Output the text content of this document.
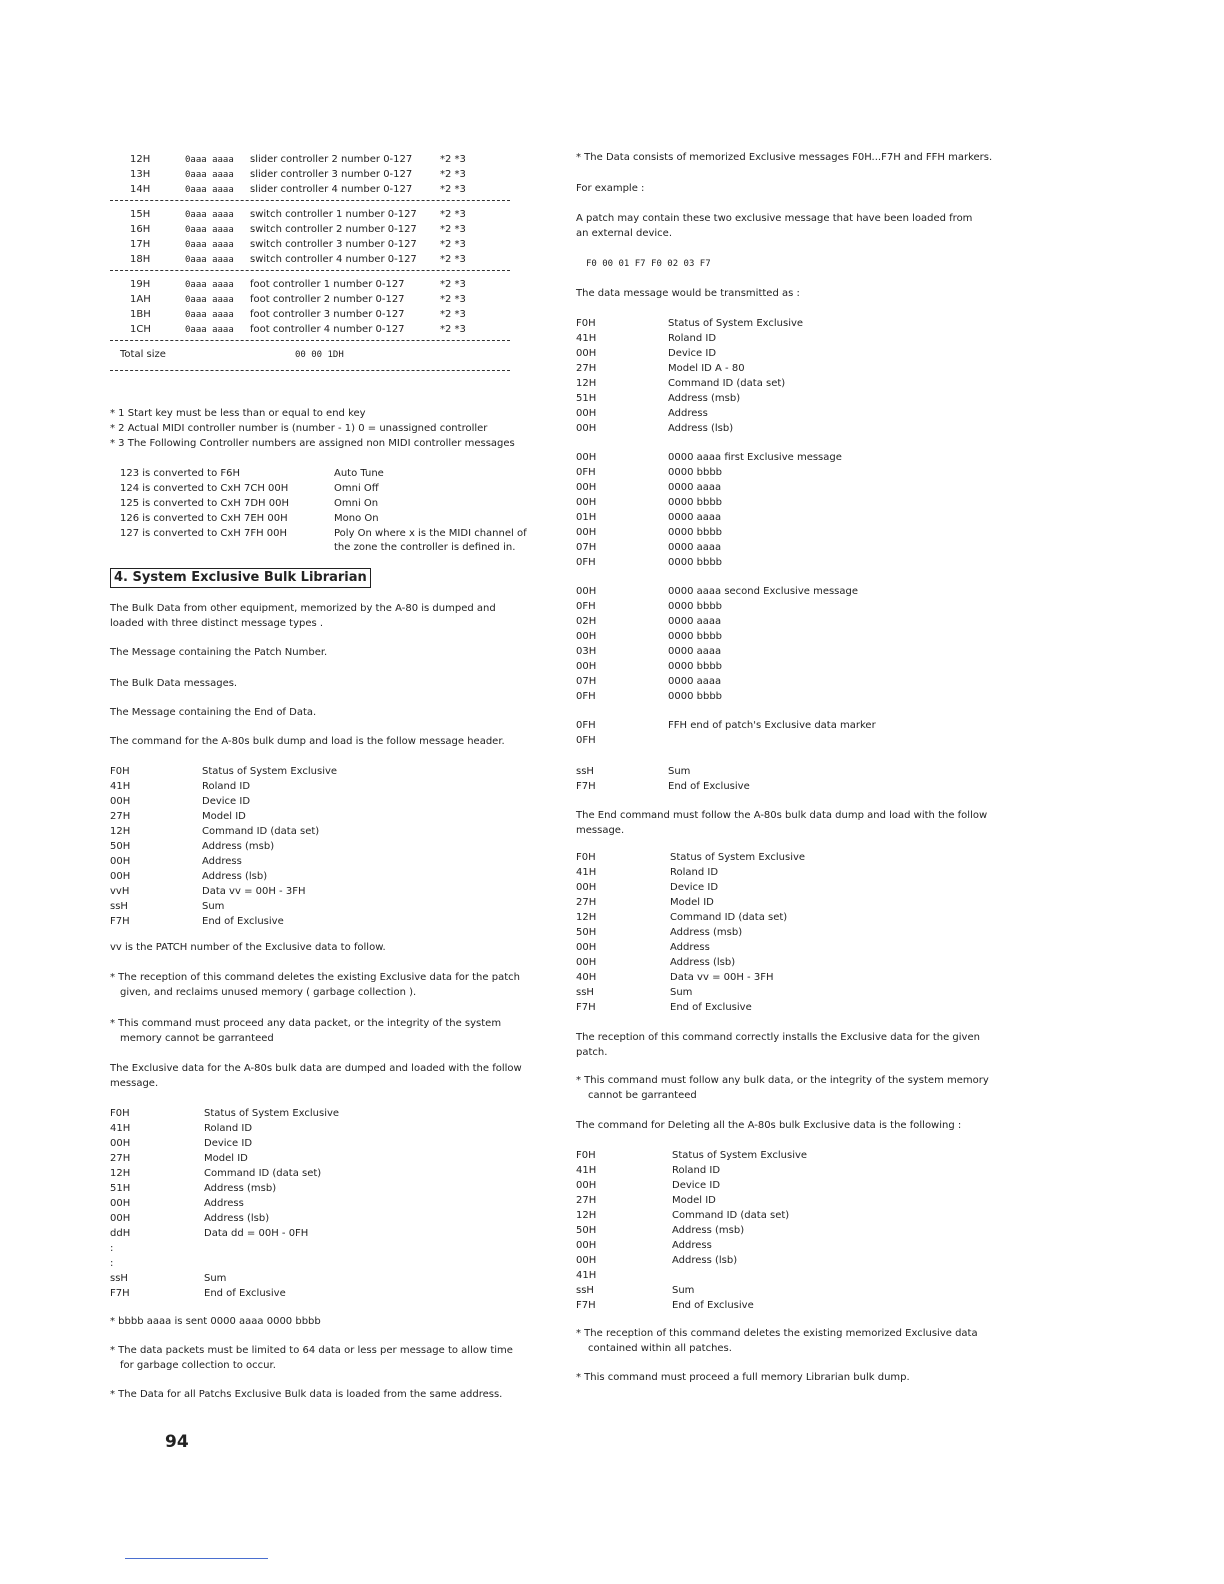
12H	0aaa aaaa slider controller 2 number 0-127	*2 *3
13H	0aaa aaaa slider controller 3 number 0-127	*2 *3
14H	0aaa aaaa slider controller 4 number 0-127	*2 *3
15H	0aaa aaaa switch controller 1 number 0-127 *2 *3
16H	0aaa aaaa switch controller 2 number 0-127 *2 *3
17H	0aaa aaaa switch controller 3 number 0-127 *2 *3
18H	0aaa aaaa switch controller 4 number 0-127 *2 *3
19H	0aaa aaaa foot controller 1 number 0-127	*2 *3
1AH	0aaa aaaa foot controller 2 number 0-127	*2 *3
1BH	0aaa aaaa foot controller 3 number 0-127	*2 *3
1CH	0aaa aaaa foot controller 4 number 0-127	*2 *3
Total size	00 00 1DH
* 1 Start key must be less than or equal to end key
* 2 Actual MIDI controller number is (number - 1) 0 = unassigned controller
* 3 The Following Controller numbers are assigned non MIDI controller messages
123 is converted to F6H	Auto Tune
124 is converted to CxH 7CH 00H	Omni Off
125 is converted to CxH 7DH 00H	Omni On
126 is converted to CxH 7EH 00H	Mono On
127 is converted to CxH 7FH 00H	Poly On where x is the MIDI channel of
the zone the controller is defined in.
4. System Exclusive Bulk Librarian
The Bulk Data from other equipment, memorized by the A-80 is dumped and
loaded with three distinct message types .
The Message containing the Patch Number.
The Bulk Data messages.
The Message containing the End of Data.
The command for the A-80s bulk dump and load is the follow message header.
F0H	Status of System Exclusive
41H	Roland ID
00H	Device ID
27H	Model ID
12H	Command ID (data set)
50H	Address (msb)
00H	Address
00H	Address (lsb)
vvH	Data vv = 00H - 3FH
ssH	Sum
F7H	End of Exclusive
vv is the PATCH number of the Exclusive data to follow.
* The reception of this command deletes the existing Exclusive data for the patch
given, and reclaims unused memory ( garbage collection ).
* This command must proceed any data packet, or the integrity of the system
memory cannot be garranteed
The Exclusive data for the A-80s bulk data are dumped and loaded with the follow
message.
F0H	Status of System Exclusive
41H	Roland ID
00H	Device ID
27H	Model ID
12H	Command ID (data set)
51H	Address (msb)
00H	Address
00H	Address (lsb)
ddH	Data dd = 00H - 0FH
:
:
ssH	Sum
F7H	End of Exclusive
* bbbb aaaa is sent 0000 aaaa 0000 bbbb
* The data packets must be limited to 64 data or less per message to allow time
for garbage collection to occur.
* The Data for all Patchs Exclusive Bulk data is loaded from the same address.
* The Data consists of memorized Exclusive messages F0H...F7H and FFH markers.
For example :
A patch may contain these two exclusive message that have been loaded from
an external device.
F0 00 01 F7 F0 02 03 F7
The data message would be transmitted as :
F0H	Status of System Exclusive
41H	Roland ID
00H	Device ID
27H	Model ID A - 80
12H	Command ID (data set)
51H	Address (msb)
00H	Address
00H	Address (lsb)
00H	0000 aaaa first Exclusive message
0FH	0000 bbbb
00H	0000 aaaa
00H	0000 bbbb
01H	0000 aaaa
00H	0000 bbbb
07H	0000 aaaa
0FH	0000 bbbb
00H	0000 aaaa second Exclusive message
0FH	0000 bbbb
02H	0000 aaaa
00H	0000 bbbb
03H	0000 aaaa
00H	0000 bbbb
07H	0000 aaaa
0FH	0000 bbbb
0FH	FFH end of patch's Exclusive data marker
0FH
ssH	Sum
F7H	End of Exclusive
The End command must follow the A-80s bulk data dump and load with the follow
message.
F0H	Status of System Exclusive
41H	Roland ID
00H	Device ID
27H	Model ID
12H	Command ID (data set)
50H	Address (msb)
00H	Address
00H	Address (lsb)
40H	Data vv = 00H - 3FH
ssH	Sum
F7H	End of Exclusive
The reception of this command correctly installs the Exclusive data for the given
patch.
* This command must follow any bulk data, or the integrity of the system memory
cannot be garranteed
The command for Deleting all the A-80s bulk Exclusive data is the following :
F0H	Status of System Exclusive
41H	Roland ID
00H	Device ID
27H	Model ID
12H	Command ID (data set)
50H	Address (msb)
00H	Address
00H	Address (lsb)
41H
ssH	Sum
F7H	End of Exclusive
* The reception of this command deletes the existing memorized Exclusive data
contained within all patches.
* This command must proceed a full memory Librarian bulk dump.
94
